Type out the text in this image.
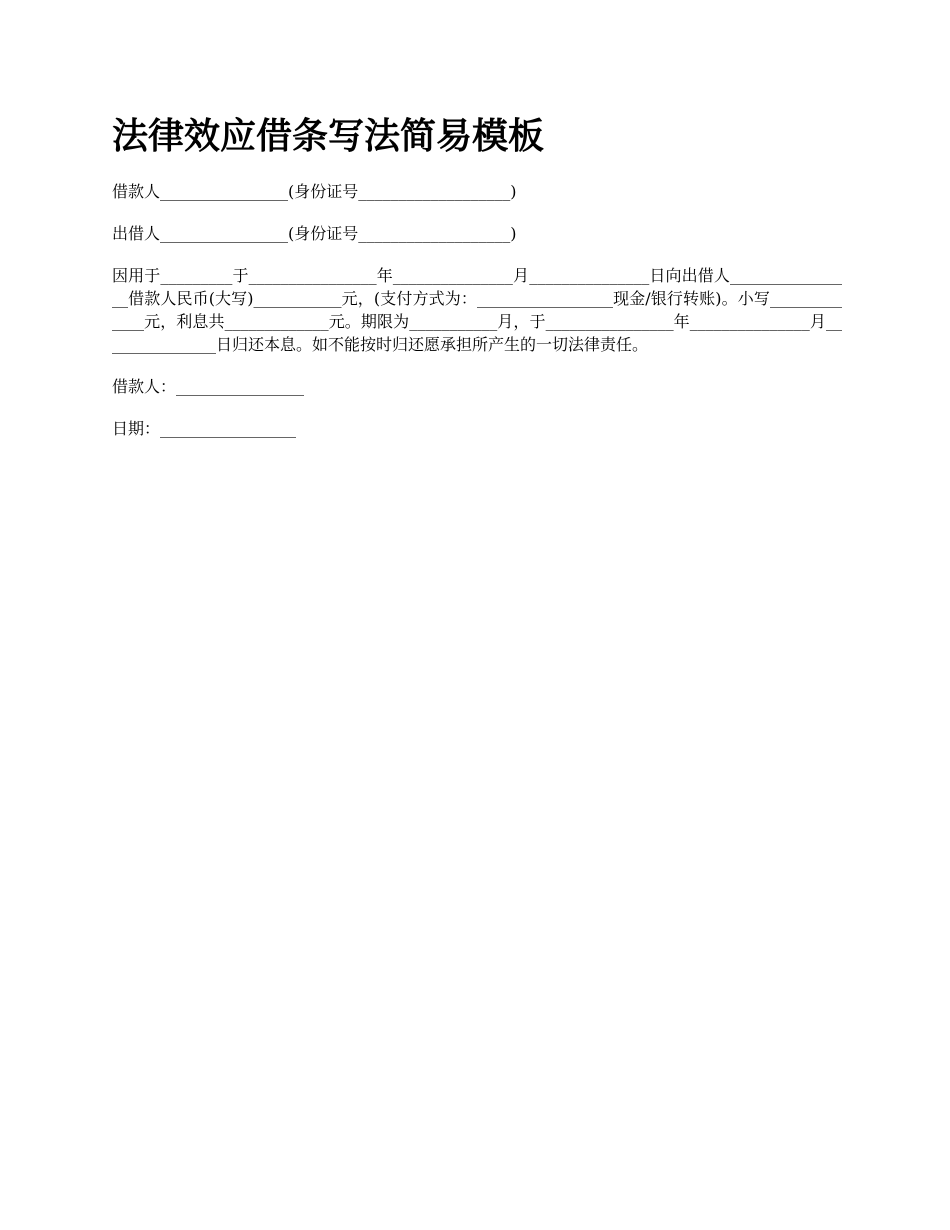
法律效应借条写法简易模板

借款人________________(身份证号___________________)

出借人________________(身份证号___________________)

因用于_________于________________年_______________月_______________日向出借人________________借款人民币(大写)___________元，(支付方式为：_________________现金/银行转账)。小写_____________元，利息共_____________元。期限为___________月，于________________年_______________月_______________日归还本息。如不能按时归还愿承担所产生的一切法律责任。

借款人：________________

日期：_________________
